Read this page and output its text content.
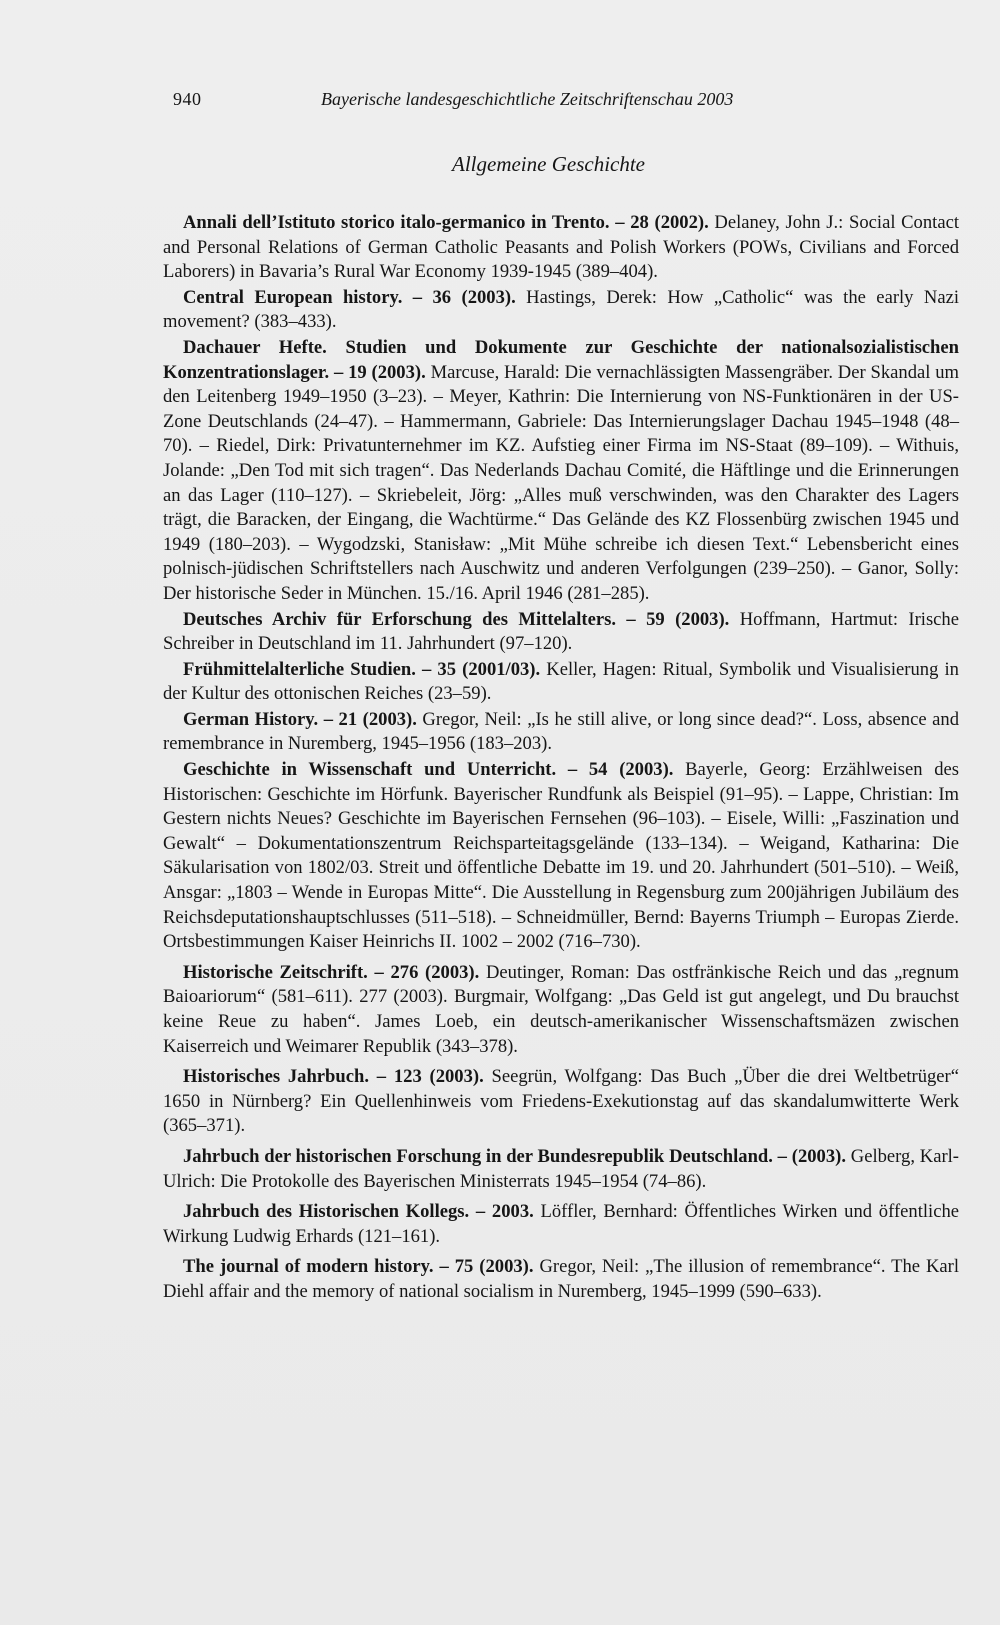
940	Bayerische landesgeschichtliche Zeitschriftenschau 2003
Allgemeine Geschichte

Annali dell’Istituto storico italo-germanico in Trento. – 28 (2002). Delaney, John J.: Social Contact and Personal Relations of German Catholic Peasants and Polish Workers (POWs, Civilians and Forced Laborers) in Bavaria’s Rural War Economy 1939-1945 (389–404).

Central European history. – 36 (2003). Hastings, Derek: How „Catholic“ was the early Nazi movement? (383–433).

Dachauer Hefte. Studien und Dokumente zur Geschichte der nationalsozialistischen Konzentrationslager. – 19 (2003). Marcuse, Harald: Die vernachlässigten Massengräber. Der Skandal um den Leitenberg 1949–1950 (3–23). – Meyer, Kathrin: Die Internierung von NS-Funktionären in der US-Zone Deutschlands (24–47). – Hammermann, Gabriele: Das Internierungslager Dachau 1945–1948 (48–70). – Riedel, Dirk: Privatunternehmer im KZ. Aufstieg einer Firma im NS-Staat (89–109). – Withuis, Jolande: „Den Tod mit sich tragen“. Das Nederlands Dachau Comité, die Häftlinge und die Erinnerungen an das Lager (110–127). – Skriebeleit, Jörg: „Alles muß verschwinden, was den Charakter des Lagers trägt, die Baracken, der Eingang, die Wachtürme.“ Das Gelände des KZ Flossenbürg zwischen 1945 und 1949 (180–203). – Wygodzski, Stanisław: „Mit Mühe schreibe ich diesen Text.“ Lebensbericht eines polnisch-jüdischen Schriftstellers nach Auschwitz und anderen Verfolgungen (239–250). – Ganor, Solly: Der historische Seder in München. 15./16. April 1946 (281–285).

Deutsches Archiv für Erforschung des Mittelalters. – 59 (2003). Hoffmann, Hartmut: Irische Schreiber in Deutschland im 11. Jahrhundert (97–120).

Frühmittelalterliche Studien. – 35 (2001/03). Keller, Hagen: Ritual, Symbolik und Visualisierung in der Kultur des ottonischen Reiches (23–59).

German History. – 21 (2003). Gregor, Neil: „Is he still alive, or long since dead?“. Loss, absence and remembrance in Nuremberg, 1945–1956 (183–203).

Geschichte in Wissenschaft und Unterricht. – 54 (2003). Bayerle, Georg: Erzählweisen des Historischen: Geschichte im Hörfunk. Bayerischer Rundfunk als Beispiel (91–95). – Lappe, Christian: Im Gestern nichts Neues? Geschichte im Bayerischen Fernsehen (96–103). – Eisele, Willi: „Faszination und Gewalt“ – Dokumentationszentrum Reichsparteitagsgelände (133–134). – Weigand, Katharina: Die Säkularisation von 1802/03. Streit und öffentliche Debatte im 19. und 20. Jahrhundert (501–510). – Weiß, Ansgar: „1803 – Wende in Europas Mitte“. Die Ausstellung in Regensburg zum 200jährigen Jubiläum des Reichsdeputationshauptschlusses (511–518). – Schneidmüller, Bernd: Bayerns Triumph – Europas Zierde. Ortsbestimmungen Kaiser Heinrichs II. 1002 – 2002 (716–730).

Historische Zeitschrift. – 276 (2003). Deutinger, Roman: Das ostfränkische Reich und das „regnum Baioariorum“ (581–611). 277 (2003). Burgmair, Wolfgang: „Das Geld ist gut angelegt, und Du brauchst keine Reue zu haben“. James Loeb, ein deutsch-amerikanischer Wissenschaftsmäzen zwischen Kaiserreich und Weimarer Republik (343–378).

Historisches Jahrbuch. – 123 (2003). Seegrün, Wolfgang: Das Buch „Über die drei Weltbetrüger“ 1650 in Nürnberg? Ein Quellenhinweis vom Friedens-Exekutionstag auf das skandalumwitterte Werk (365–371).

Jahrbuch der historischen Forschung in der Bundesrepublik Deutschland. – (2003). Gelberg, Karl-Ulrich: Die Protokolle des Bayerischen Ministerrats 1945–1954 (74–86).

Jahrbuch des Historischen Kollegs. – 2003. Löffler, Bernhard: Öffentliches Wirken und öffentliche Wirkung Ludwig Erhards (121–161).

The journal of modern history. – 75 (2003). Gregor, Neil: „The illusion of remembrance“. The Karl Diehl affair and the memory of national socialism in Nuremberg, 1945–1999 (590–633).
